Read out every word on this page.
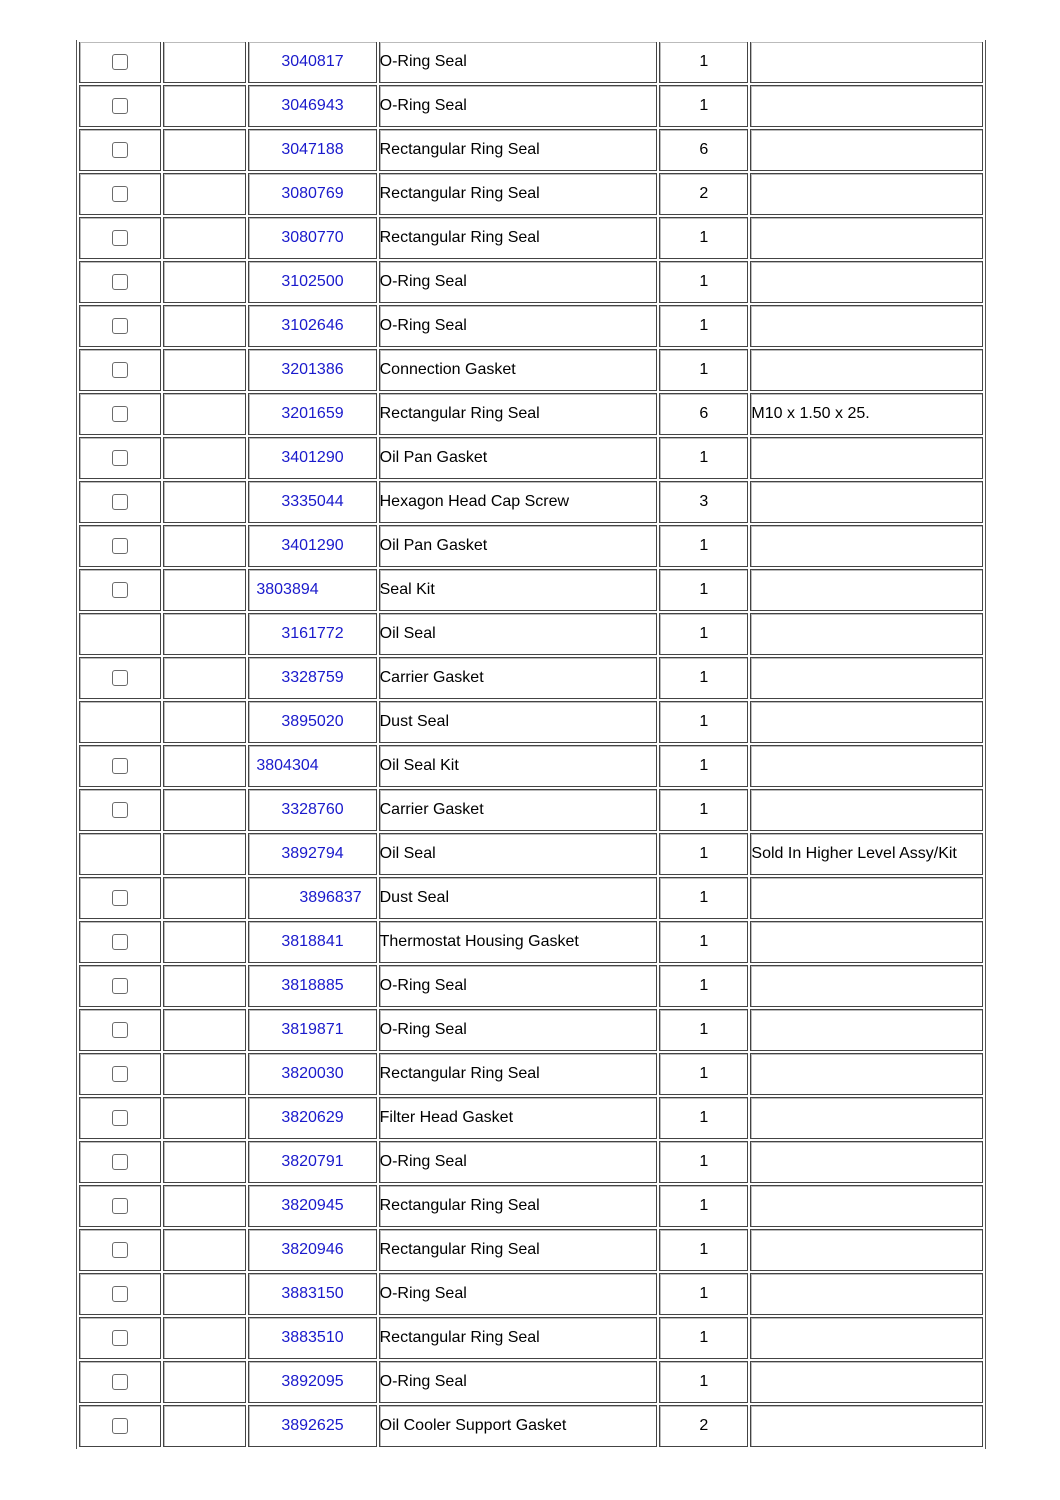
		3040817	O-Ring Seal	1	
		3046943	O-Ring Seal	1	
		3047188	Rectangular Ring Seal	6	
		3080769	Rectangular Ring Seal	2	
		3080770	Rectangular Ring Seal	1	
		3102500	O-Ring Seal	1	
		3102646	O-Ring Seal	1	
		3201386	Connection Gasket	1	
		3201659	Rectangular Ring Seal	6	M10 x 1.50 x 25.
		3401290	Oil Pan Gasket	1	
		3335044	Hexagon Head Cap Screw	3	
		3401290	Oil Pan Gasket	1	
		3803894	Seal Kit	1	
		3161772	Oil Seal	1	
		3328759	Carrier Gasket	1	
		3895020	Dust Seal	1	
		3804304	Oil Seal Kit	1	
		3328760	Carrier Gasket	1	
		3892794	Oil Seal	1	Sold In Higher Level Assy/Kit
		3896837	Dust Seal	1	
		3818841	Thermostat Housing Gasket	1	
		3818885	O-Ring Seal	1	
		3819871	O-Ring Seal	1	
		3820030	Rectangular Ring Seal	1	
		3820629	Filter Head Gasket	1	
		3820791	O-Ring Seal	1	
		3820945	Rectangular Ring Seal	1	
		3820946	Rectangular Ring Seal	1	
		3883150	O-Ring Seal	1	
		3883510	Rectangular Ring Seal	1	
		3892095	O-Ring Seal	1	
		3892625	Oil Cooler Support Gasket	2	
